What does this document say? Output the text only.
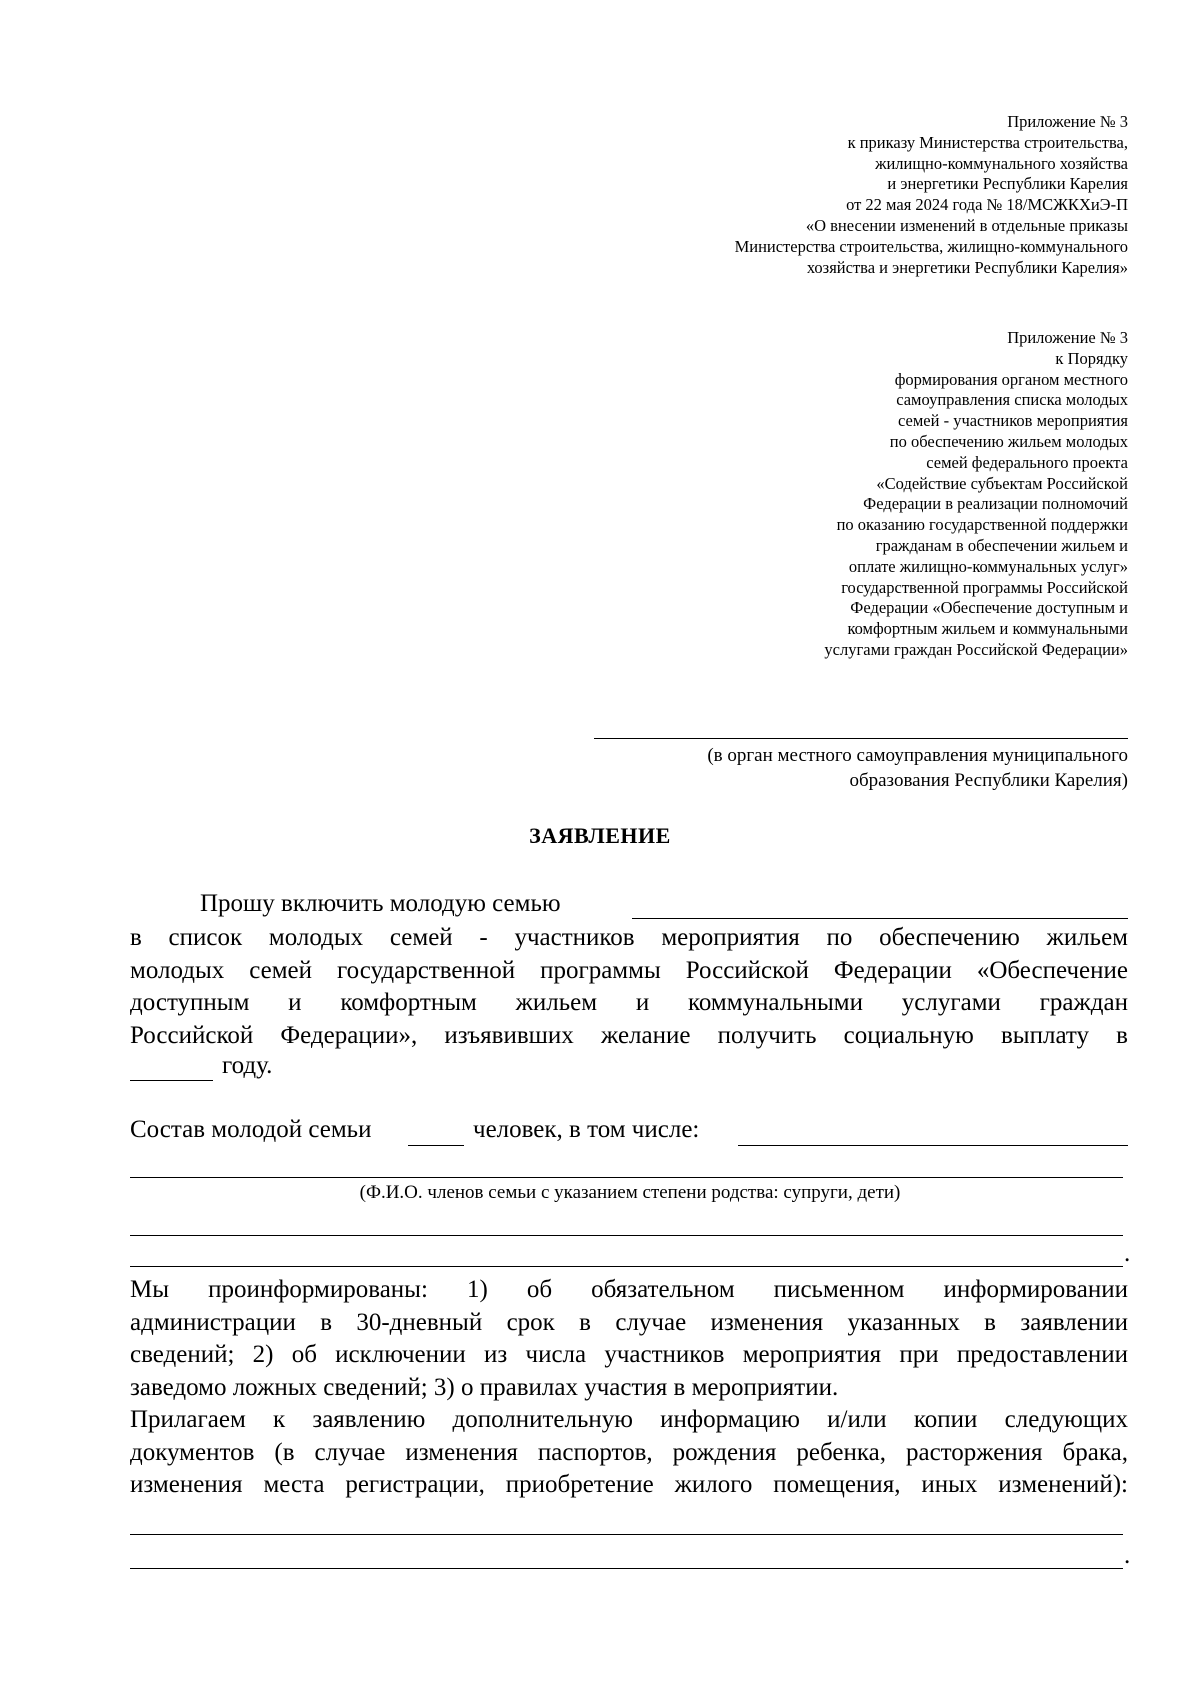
Приложение № 3
к приказу Министерства строительства,
жилищно-коммунального хозяйства
и энергетики Республики Карелия
от 22 мая 2024 года № 18/МСЖКХиЭ-П
«О внесении изменений в отдельные приказы
Министерства строительства, жилищно-коммунального
хозяйства и энергетики Республики Карелия»
Приложение № 3
к Порядку
формирования органом местного
самоуправления списка молодых
семей - участников мероприятия
по обеспечению жильем молодых
семей федерального проекта
«Содействие субъектам Российской
Федерации в реализации полномочий
по оказанию государственной поддержки
гражданам в обеспечении жильем и
оплате жилищно-коммунальных услуг»
государственной программы Российской
Федерации «Обеспечение доступным и
комфортным жильем и коммунальными
услугами граждан Российской Федерации»
(в орган местного самоуправления муниципального
образования Республики Карелия)
ЗАЯВЛЕНИЕ
Прошу включить молодую семью
в список молодых семей - участников мероприятия по обеспечению жильем
молодых семей государственной программы Российской Федерации «Обеспечение
доступным и комфортным жильем и коммунальными услугами граждан
Российской Федерации», изъявивших желание получить социальную выплату в
году.
Состав молодой семьи	человек, в том числе:
(Ф.И.О. членов семьи с указанием степени родства: супруги, дети)
.
Мы проинформированы: 1) об обязательном письменном информировании
администрации в 30-дневный срок в случае изменения указанных в заявлении
сведений; 2) об исключении из числа участников мероприятия при предоставлении
заведомо ложных сведений; 3) о правилах участия в мероприятии.
Прилагаем к заявлению дополнительную информацию и/или копии следующих
документов (в случае изменения паспортов, рождения ребенка, расторжения брака,
изменения места регистрации, приобретение жилого помещения, иных изменений):
.
